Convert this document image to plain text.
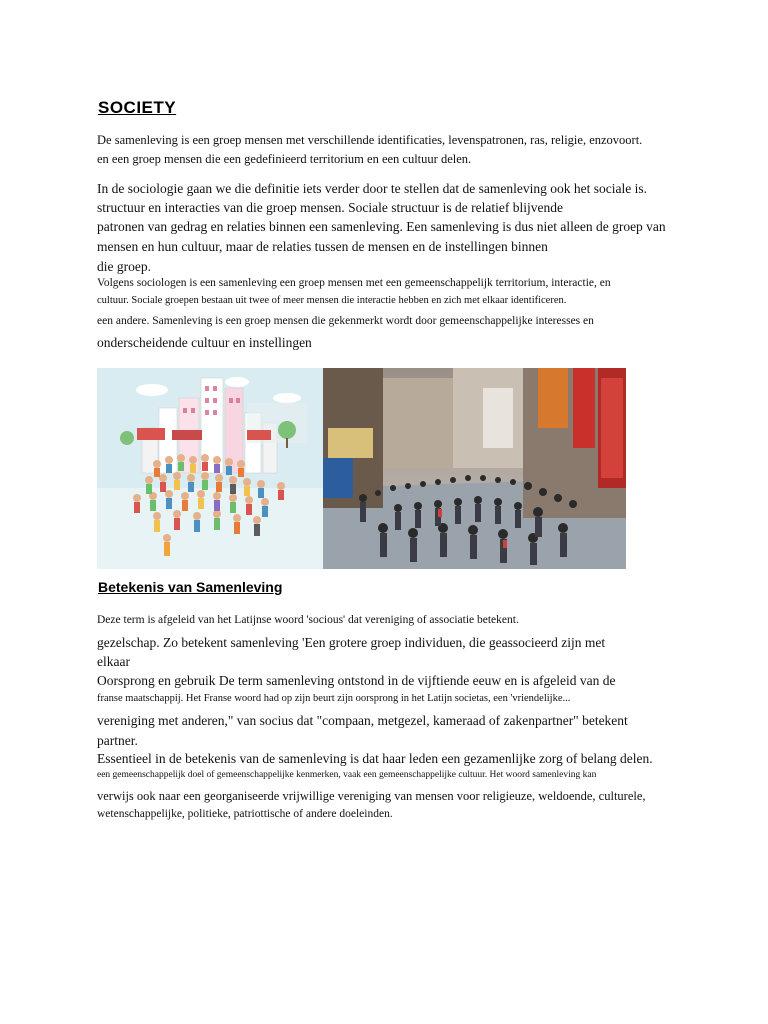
SOCIETY
De samenleving is een groep mensen met verschillende identificaties, levenspatronen, ras, religie, enzovoort.
en een groep mensen die een gedefinieerd territorium en een cultuur delen.
In de sociologie gaan we die definitie iets verder door te stellen dat de samenleving ook het sociale is.
structuur en interacties van die groep mensen. Sociale structuur is de relatief blijvende
patronen van gedrag en relaties binnen een samenleving. Een samenleving is dus niet alleen de groep van
mensen en hun cultuur, maar de relaties tussen de mensen en de instellingen binnen
die groep.
Volgens sociologen is een samenleving een groep mensen met een gemeenschappelijk territorium, interactie, en
cultuur. Sociale groepen bestaan uit twee of meer mensen die interactie hebben en zich met elkaar identificeren.
een andere. Samenleving is een groep mensen die gekenmerkt wordt door gemeenschappelijke interesses en
onderscheidende cultuur en instellingen
Betekenis van Samenleving
Deze term is afgeleid van het Latijnse woord 'socious' dat vereniging of associatie betekent.
gezelschap. Zo betekent samenleving 'Een grotere groep individuen, die geassocieerd zijn met
elkaar
Oorsprong en gebruik De term samenleving ontstond in de vijftiende eeuw en is afgeleid van de
franse maatschappij. Het Franse woord had op zijn beurt zijn oorsprong in het Latijn societas, een 'vriendelijke...
vereniging met anderen," van socius dat "compaan, metgezel, kameraad of zakenpartner" betekent
partner.
Essentieel in de betekenis van de samenleving is dat haar leden een gezamenlijke zorg of belang delen.
een gemeenschappelijk doel of gemeenschappelijke kenmerken, vaak een gemeenschappelijke cultuur. Het woord samenleving kan
verwijs ook naar een georganiseerde vrijwillige vereniging van mensen voor religieuze, weldoende, culturele,
wetenschappelijke, politieke, patriottische of andere doeleinden.
